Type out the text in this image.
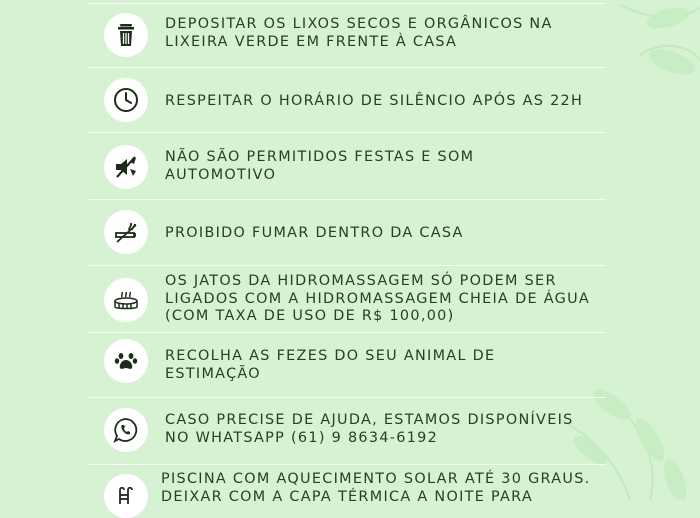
DEPOSITAR OS LIXOS SECOS E ORGÂNICOS NA
LIXEIRA VERDE EM FRENTE À CASA
RESPEITAR O HORÁRIO DE SILÊNCIO APÓS AS 22H
NÃO SÃO PERMITIDOS FESTAS E SOM
AUTOMOTIVO
PROIBIDO FUMAR DENTRO DA CASA
OS JATOS DA HIDROMASSAGEM SÓ PODEM SER
LIGADOS COM A HIDROMASSAGEM CHEIA DE ÁGUA
(COM TAXA DE USO DE R$ 100,00)
RECOLHA AS FEZES DO SEU ANIMAL DE
ESTIMAÇÃO
CASO PRECISE DE AJUDA, ESTAMOS DISPONÍVEIS
NO WHATSAPP (61) 9 8634-6192
PISCINA COM AQUECIMENTO SOLAR ATÉ 30 GRAUS.
DEIXAR COM A CAPA TÉRMICA A NOITE PARA
